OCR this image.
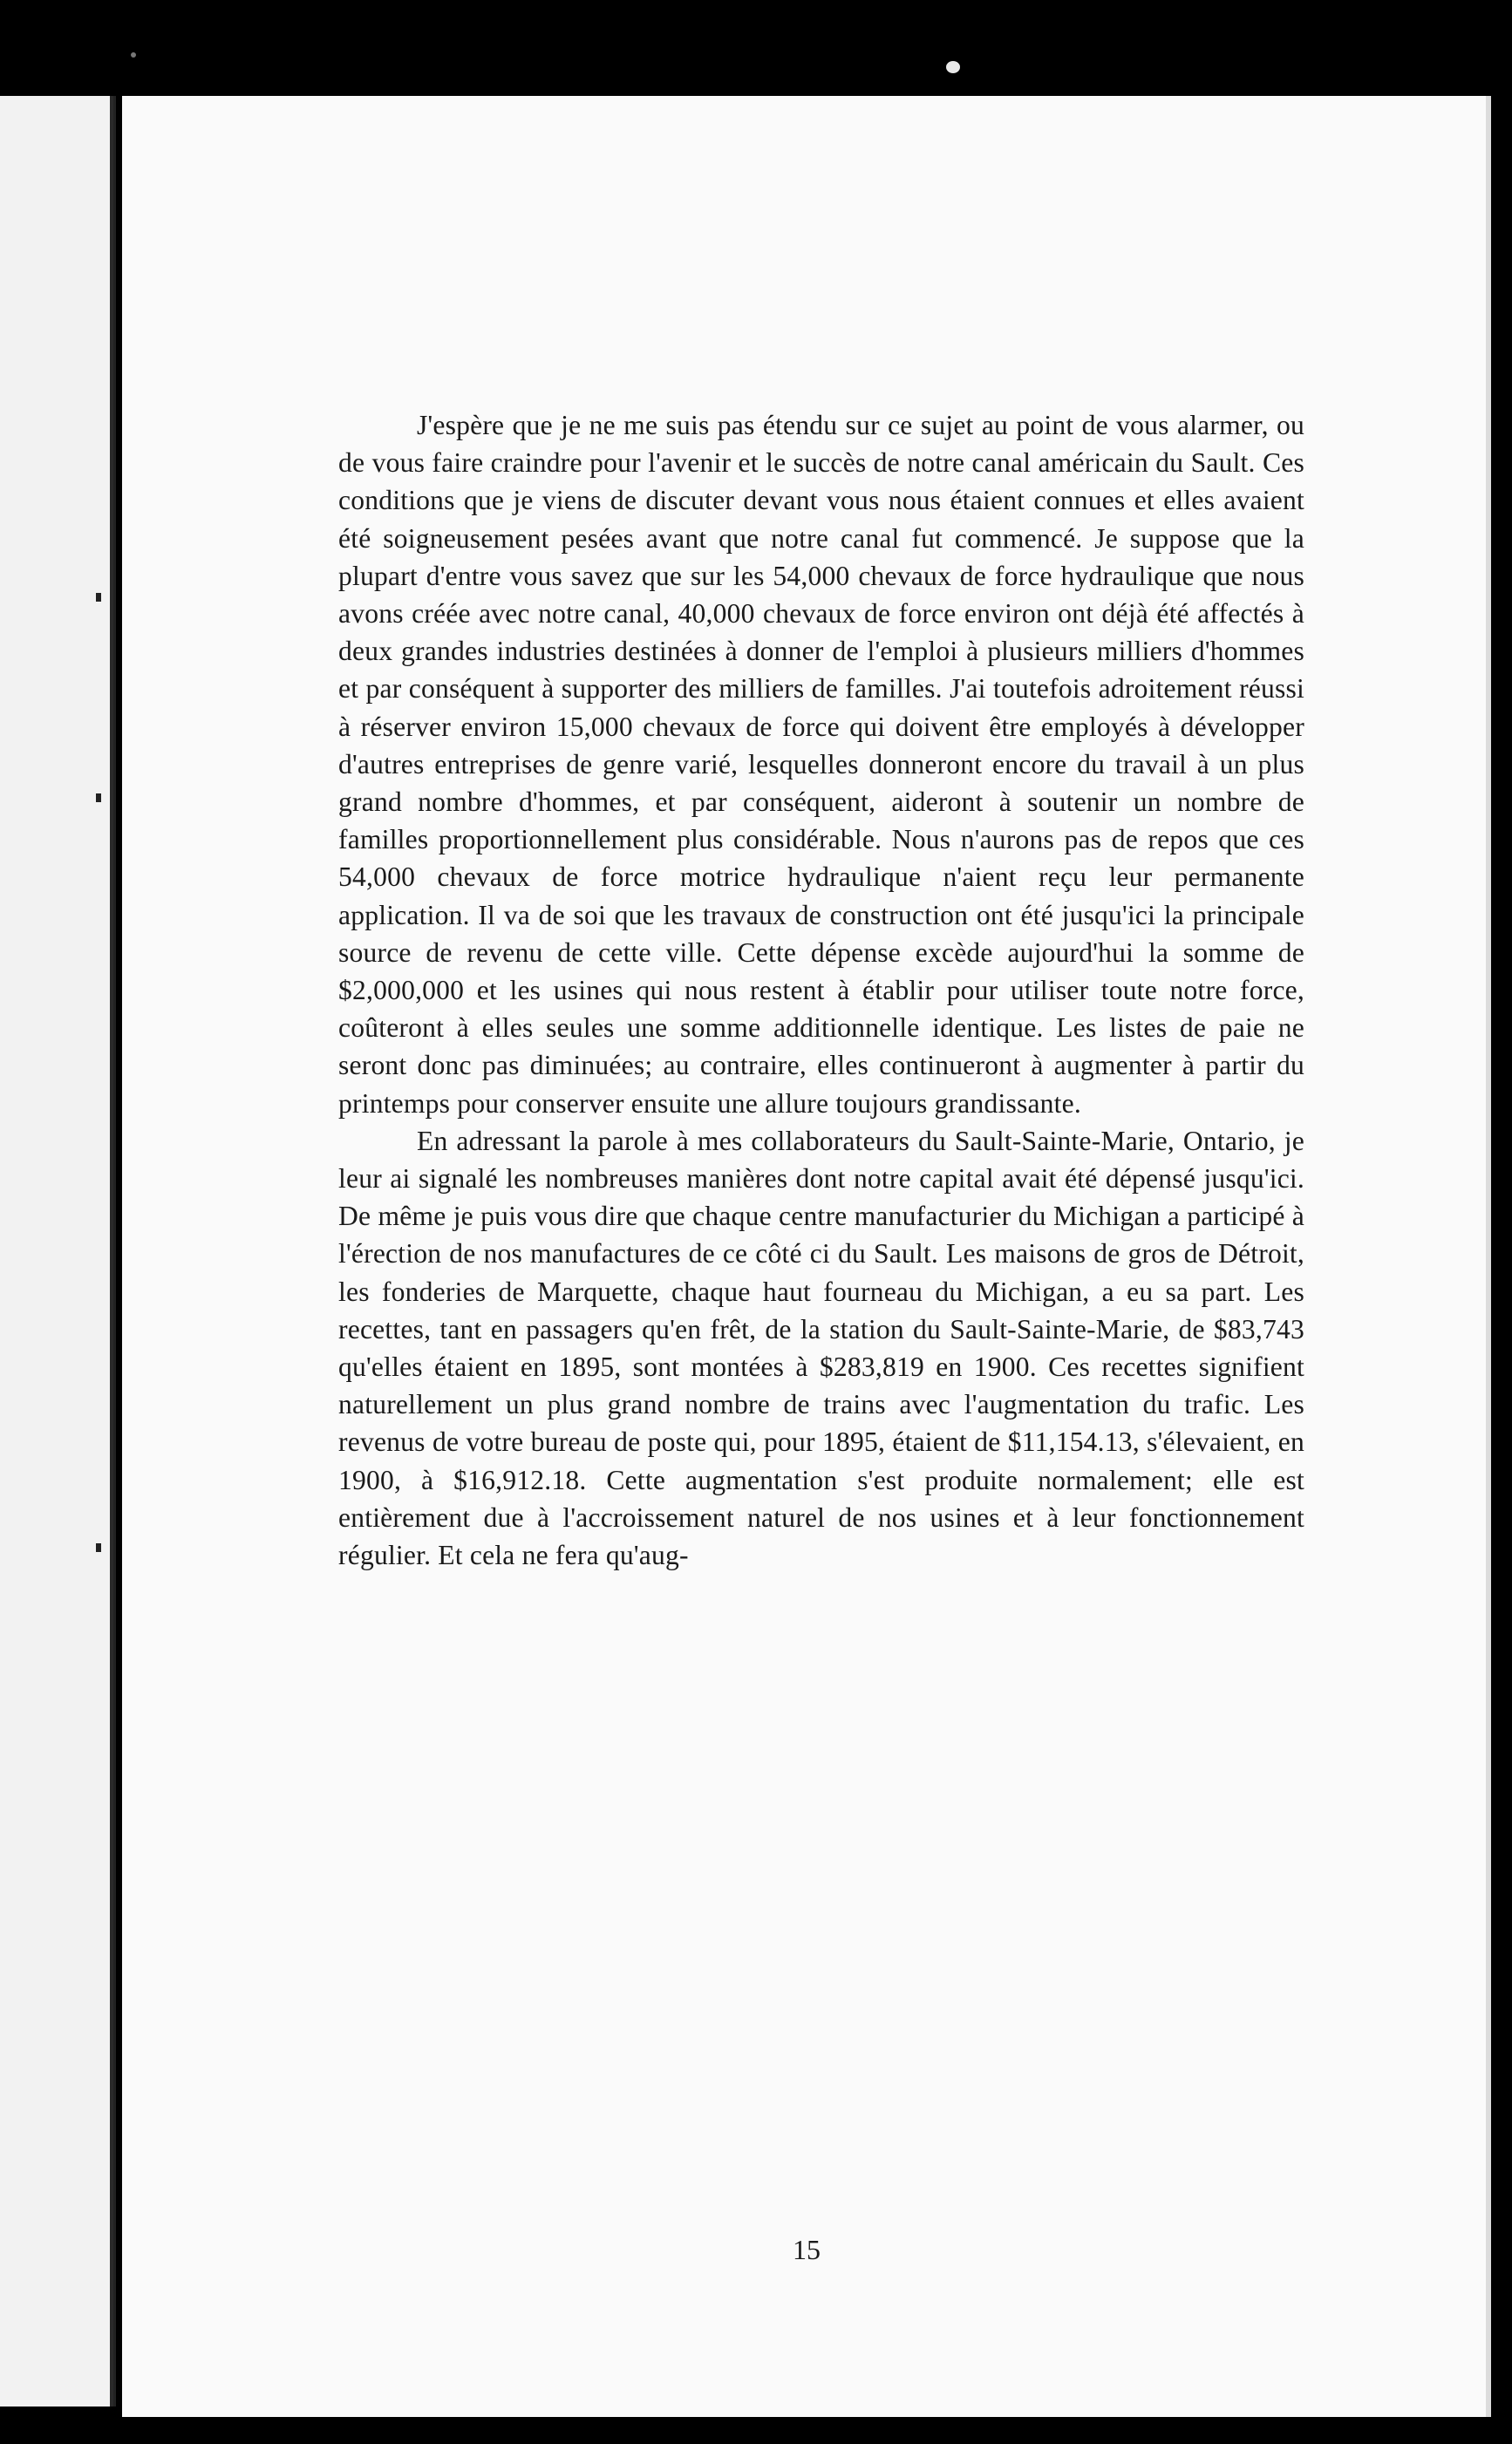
J'espère que je ne me suis pas étendu sur ce sujet au point de vous alarmer, ou de vous faire craindre pour l'avenir et le succès de notre canal américain du Sault. Ces conditions que je viens de discuter devant vous nous étaient connues et elles avaient été soigneusement pesées avant que notre canal fut commencé. Je suppose que la plupart d'entre vous savez que sur les 54,000 chevaux de force hydraulique que nous avons créée avec notre canal, 40,000 chevaux de force environ ont déjà été affectés à deux grandes industries destinées à donner de l'emploi à plusieurs milliers d'hommes et par conséquent à supporter des milliers de familles. J'ai toutefois adroitement réussi à réserver environ 15,000 chevaux de force qui doivent être employés à développer d'autres entreprises de genre varié, lesquelles donneront encore du travail à un plus grand nombre d'hommes, et par conséquent, aideront à soutenir un nombre de familles proportionnellement plus considérable. Nous n'aurons pas de repos que ces 54,000 chevaux de force motrice hydraulique n'aient reçu leur permanente application. Il va de soi que les travaux de construction ont été jusqu'ici la principale source de revenu de cette ville. Cette dépense excède aujourd'hui la somme de $2,000,000 et les usines qui nous restent à établir pour utiliser toute notre force, coûteront à elles seules une somme additionnelle identique. Les listes de paie ne seront donc pas diminuées; au contraire, elles continueront à augmenter à partir du printemps pour conserver ensuite une allure toujours grandissante.

En adressant la parole à mes collaborateurs du Sault-Sainte-Marie, Ontario, je leur ai signalé les nombreuses manières dont notre capital avait été dépensé jusqu'ici. De même je puis vous dire que chaque centre manufacturier du Michigan a participé à l'érection de nos manufactures de ce côté ci du Sault. Les maisons de gros de Détroit, les fonderies de Marquette, chaque haut fourneau du Michigan, a eu sa part. Les recettes, tant en passagers qu'en frêt, de la station du Sault-Sainte-Marie, de $83,743 qu'elles étaient en 1895, sont montées à $283,819 en 1900. Ces recettes signifient naturellement un plus grand nombre de trains avec l'augmentation du trafic. Les revenus de votre bureau de poste qui, pour 1895, étaient de $11,154.13, s'élevaient, en 1900, à $16,912.18. Cette augmentation s'est produite normalement; elle est entièrement due à l'accroissement naturel de nos usines et à leur fonctionnement régulier. Et cela ne fera qu'aug-

15
